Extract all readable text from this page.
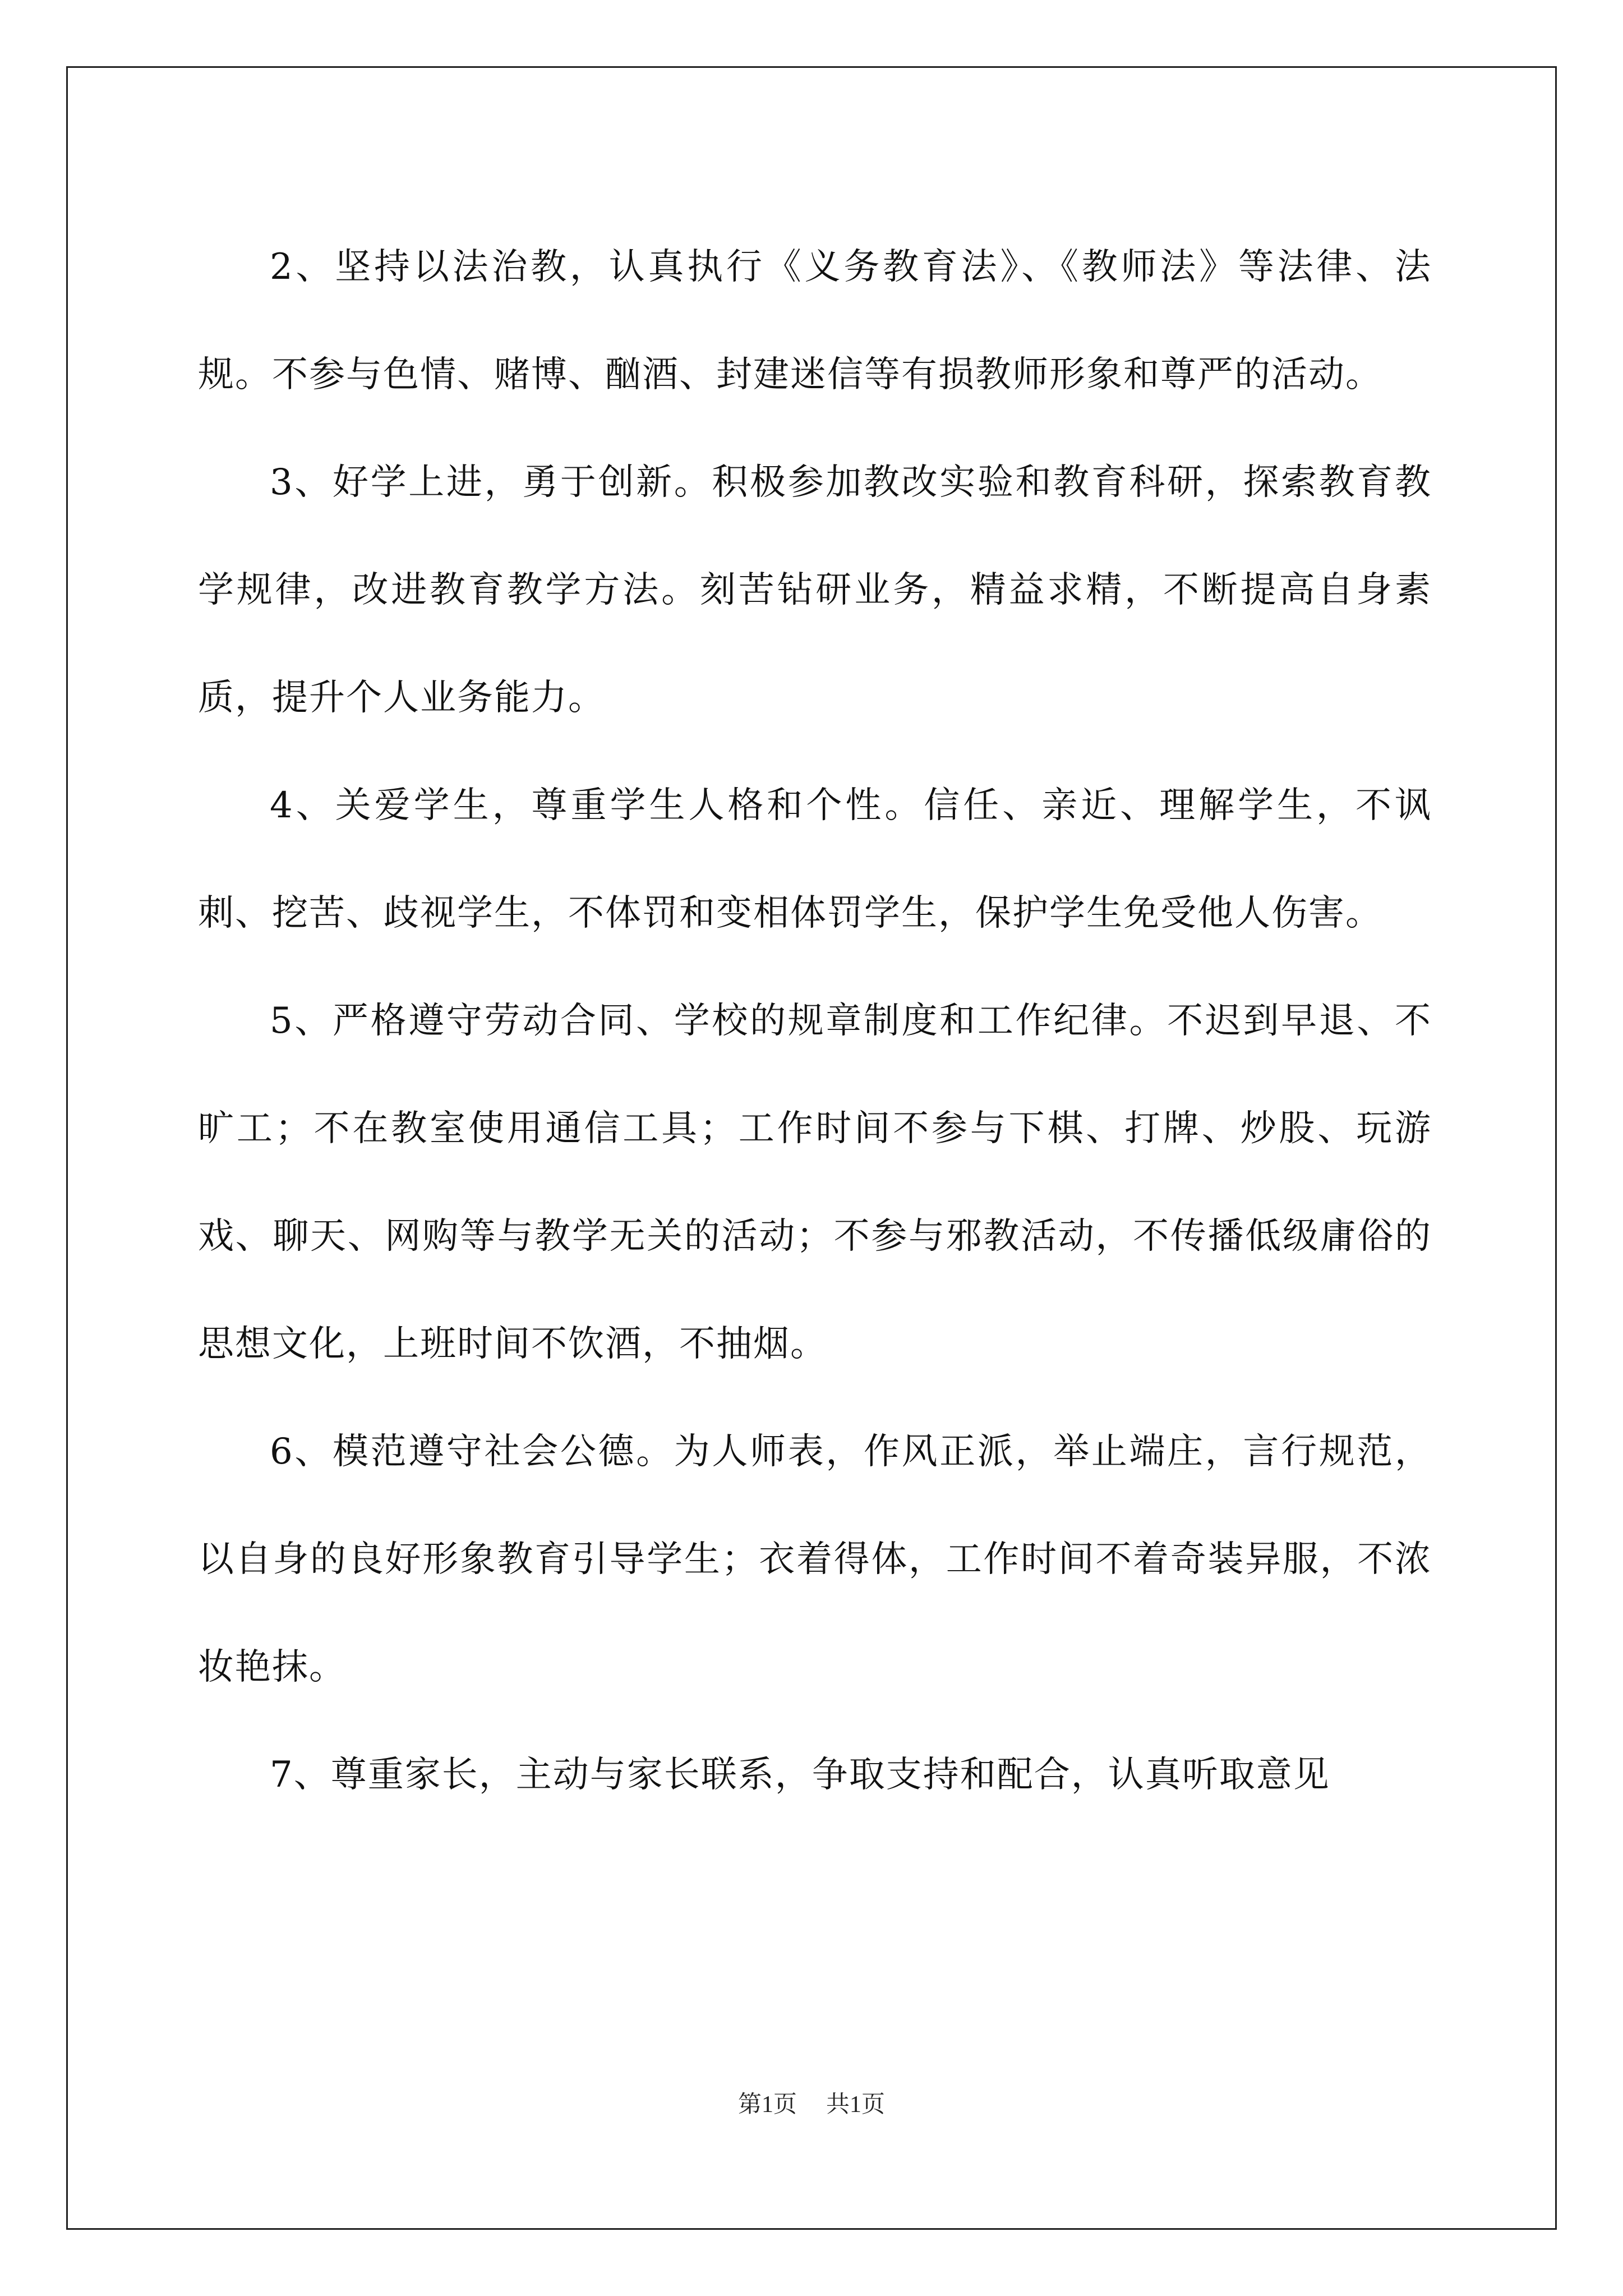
2、坚持以法治教，认真执行《义务教育法》、《教师法》等法律、法规。不参与色情、赌博、酗酒、封建迷信等有损教师形象和尊严的活动。

3、好学上进，勇于创新。积极参加教改实验和教育科研，探索教育教学规律，改进教育教学方法。刻苦钻研业务，精益求精，不断提高自身素质，提升个人业务能力。

4、关爱学生，尊重学生人格和个性。信任、亲近、理解学生，不讽刺、挖苦、歧视学生，不体罚和变相体罚学生，保护学生免受他人伤害。

5、严格遵守劳动合同、学校的规章制度和工作纪律。不迟到早退、不旷工；不在教室使用通信工具；工作时间不参与下棋、打牌、炒股、玩游戏、聊天、网购等与教学无关的活动；不参与邪教活动，不传播低级庸俗的思想文化，上班时间不饮酒，不抽烟。

6、模范遵守社会公德。为人师表，作风正派，举止端庄，言行规范，以自身的良好形象教育引导学生；衣着得体，工作时间不着奇装异服，不浓妆艳抹。

7、尊重家长，主动与家长联系，争取支持和配合，认真听取意见

第1页 共1页
